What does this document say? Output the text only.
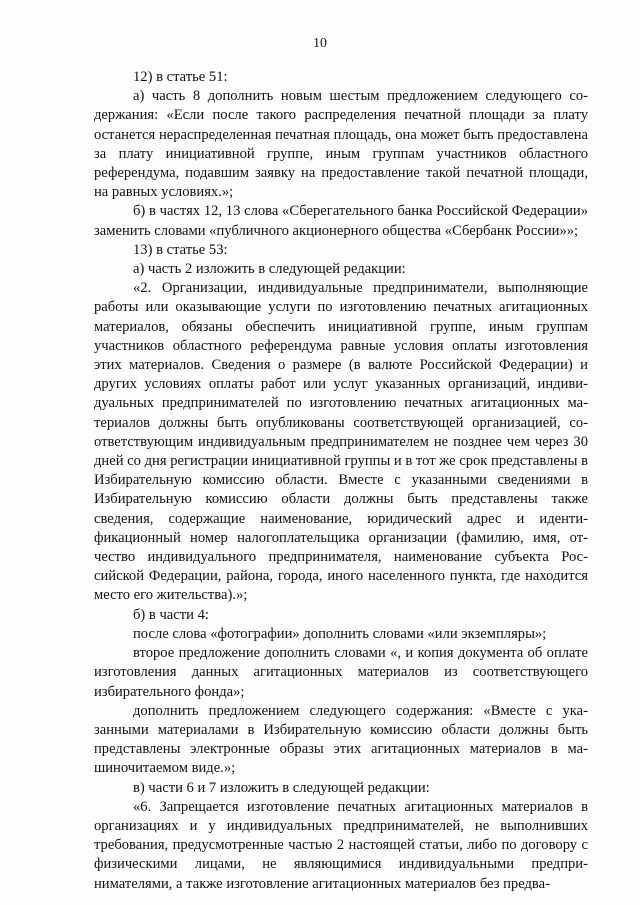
10

12) в статье 51:

а) часть 8 дополнить новым шестым предложением следующего содержания: «Если после такого распределения печатной площади за плату останется нераспределенная печатная площадь, она может быть предоставлена за плату инициативной группе, иным группам участников областного референдума, подавшим заявку на предоставление такой печатной площади, на равных условиях.»;

б) в частях 12, 13 слова «Сберегательного банка Российской Федерации» заменить словами «публичного акционерного общества «Сбербанк России»»;

13) в статье 53:

а) часть 2 изложить в следующей редакции:

«2. Организации, индивидуальные предприниматели, выполняющие работы или оказывающие услуги по изготовлению печатных агитационных материалов, обязаны обеспечить инициативной группе, иным группам участников областного референдума равные условия оплаты изготовления этих материалов. Сведения о размере (в валюте Российской Федерации) и других условиях оплаты работ или услуг указанных организаций, индивидуальных предпринимателей по изготовлению печатных агитационных материалов должны быть опубликованы соответствующей организацией, соответствующим индивидуальным предпринимателем не позднее чем через 30 дней со дня регистрации инициативной группы и в тот же срок представлены в Избирательную комиссию области. Вместе с указанными сведениями в Избирательную комиссию области должны быть представлены также сведения, содержащие наименование, юридический адрес и идентификационный номер налогоплательщика организации (фамилию, имя, отчество индивидуального предпринимателя, наименование субъекта Российской Федерации, района, города, иного населенного пункта, где находится место его жительства).»;

б) в части 4:

после слова «фотографии» дополнить словами «или экземпляры»;

второе предложение дополнить словами «, и копия документа об оплате изготовления данных агитационных материалов из соответствующего избирательного фонда»;

дополнить предложением следующего содержания: «Вместе с указанными материалами в Избирательную комиссию области должны быть представлены электронные образы этих агитационных материалов в машиночитаемом виде.»;

в) части 6 и 7 изложить в следующей редакции:

«6. Запрещается изготовление печатных агитационных материалов в организациях и у индивидуальных предпринимателей, не выполнивших требования, предусмотренные частью 2 настоящей статьи, либо по договору с физическими лицами, не являющимися индивидуальными предпринимателями, а также изготовление агитационных материалов без предва-
